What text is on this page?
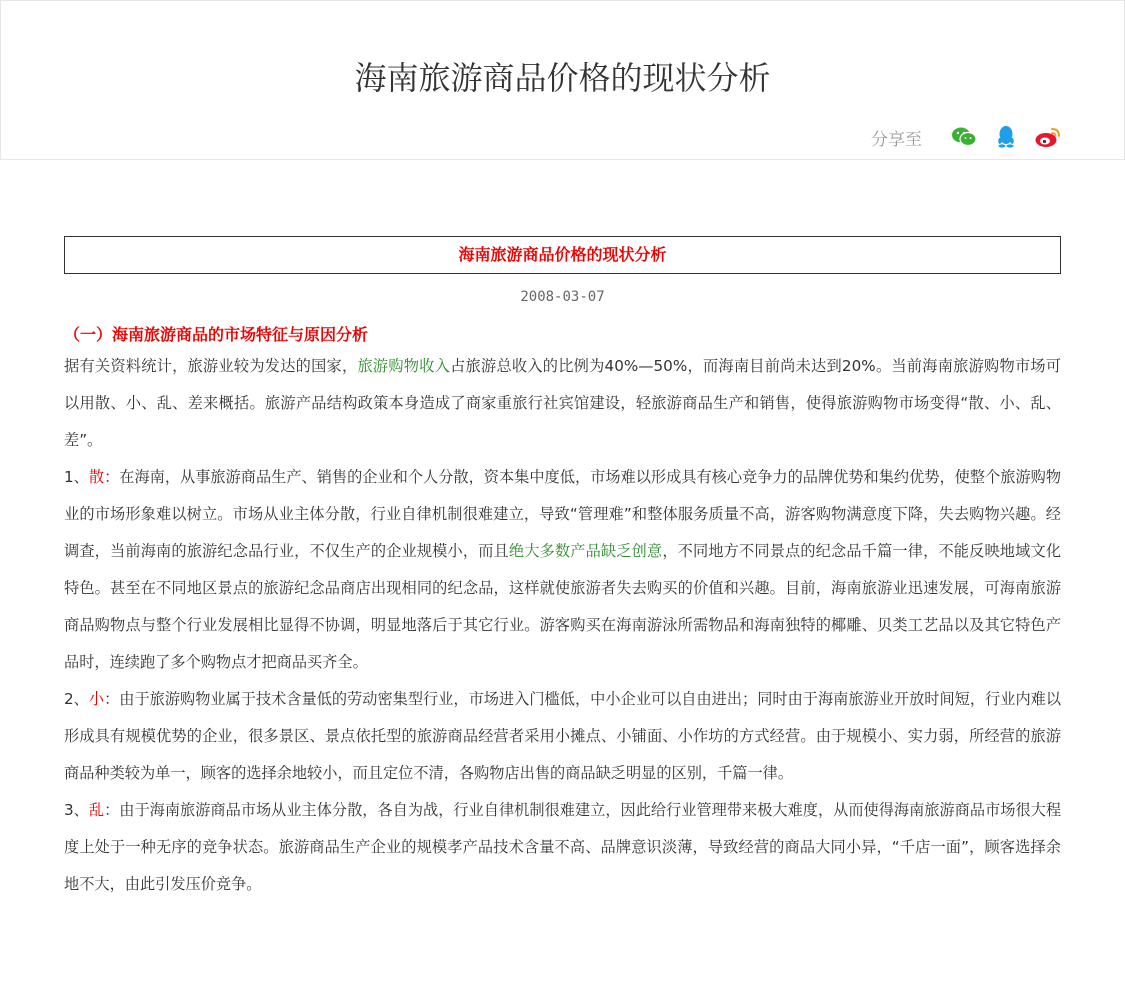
海南旅游商品价格的现状分析
分享至
海南旅游商品价格的现状分析
2008-03-07
（一）海南旅游商品的市场特征与原因分析

据有关资料统计，旅游业较为发达的国家，旅游购物收入占旅游总收入的比例为40%—50%，而海南目前尚未达到20%。当前海南旅游购物市场可以用散、小、乱、差来概括。旅游产品结构政策本身造成了商家重旅行社宾馆建设，轻旅游商品生产和销售，使得旅游购物市场变得“散、小、乱、差”。

1、散：在海南，从事旅游商品生产、销售的企业和个人分散，资本集中度低，市场难以形成具有核心竞争力的品牌优势和集约优势，使整个旅游购物业的市场形象难以树立。市场从业主体分散，行业自律机制很难建立，导致“管理难”和整体服务质量不高，游客购物满意度下降，失去购物兴趣。经调查，当前海南的旅游纪念品行业，不仅生产的企业规模小，而且绝大多数产品缺乏创意，不同地方不同景点的纪念品千篇一律，不能反映地域文化特色。甚至在不同地区景点的旅游纪念品商店出现相同的纪念品，这样就使旅游者失去购买的价值和兴趣。目前，海南旅游业迅速发展，可海南旅游商品购物点与整个行业发展相比显得不协调，明显地落后于其它行业。游客购买在海南游泳所需物品和海南独特的椰雕、贝类工艺品以及其它特色产品时，连续跑了多个购物点才把商品买齐全。

2、小：由于旅游购物业属于技术含量低的劳动密集型行业，市场进入门槛低，中小企业可以自由进出；同时由于海南旅游业开放时间短，行业内难以形成具有规模优势的企业，很多景区、景点依托型的旅游商品经营者采用小摊点、小铺面、小作坊的方式经营。由于规模小、实力弱，所经营的旅游商品种类较为单一，顾客的选择余地较小，而且定位不清，各购物店出售的商品缺乏明显的区别，千篇一律。

3、乱：由于海南旅游商品市场从业主体分散，各自为战，行业自律机制很难建立，因此给行业管理带来极大难度，从而使得海南旅游商品市场很大程度上处于一种无序的竞争状态。旅游商品生产企业的规模孝产品技术含量不高、品牌意识淡薄，导致经营的商品大同小异，“千店一面”，顾客选择余地不大，由此引发压价竞争。
